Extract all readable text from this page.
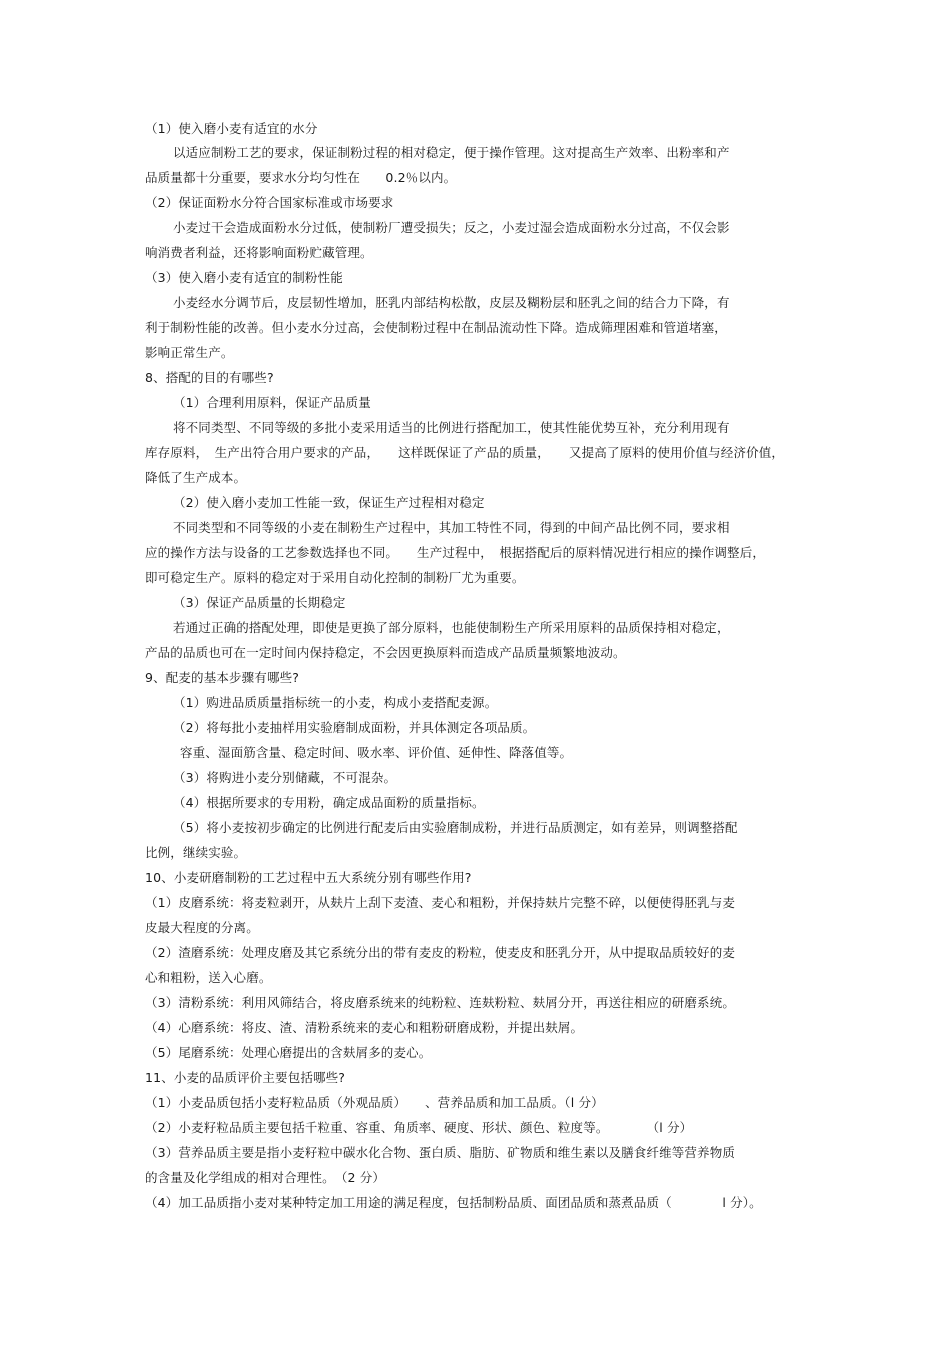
（1）使入磨小麦有适宜的水分
以适应制粉工艺的要求，保证制粉过程的相对稳定，便于操作管理。这对提高生产效率、出粉率和产
品质量都十分重要，要求水分均匀性在　　0.2％以内。
（2）保证面粉水分符合国家标准或市场要求
小麦过干会造成面粉水分过低，使制粉厂遭受损失；反之，小麦过湿会造成面粉水分过高，不仅会影
响消费者利益，还将影响面粉贮藏管理。
（3）使入磨小麦有适宜的制粉性能
小麦经水分调节后，皮层韧性增加，胚乳内部结构松散，皮层及糊粉层和胚乳之间的结合力下降，有
利于制粉性能的改善。但小麦水分过高，会使制粉过程中在制品流动性下降。造成筛理困难和管道堵塞，
影响正常生产。
8、搭配的目的有哪些?
（1）合理利用原料，保证产品质量
将不同类型、不同等级的多批小麦采用适当的比例进行搭配加工，使其性能优势互补，充分利用现有
库存原料，　生产出符合用户要求的产品，　　这样既保证了产品的质量，　　又提高了原料的使用价值与经济价值，
降低了生产成本。
（2）使入磨小麦加工性能一致，保证生产过程相对稳定
不同类型和不同等级的小麦在制粉生产过程中，其加工特性不同，得到的中间产品比例不同，要求相
应的操作方法与设备的工艺参数选择也不同。　　生产过程中，　根据搭配后的原料情况进行相应的操作调整后，
即可稳定生产。原料的稳定对于采用自动化控制的制粉厂尤为重要。
（3）保证产品质量的长期稳定
若通过正确的搭配处理，即使是更换了部分原料，也能使制粉生产所采用原料的品质保持相对稳定，
产品的品质也可在一定时间内保持稳定，不会因更换原料而造成产品质量频繁地波动。
9、配麦的基本步骤有哪些?
（1）购进品质质量指标统一的小麦，构成小麦搭配麦源。
（2）将每批小麦抽样用实验磨制成面粉，并具体测定各项品质。
容重、湿面筋含量、稳定时间、吸水率、评价值、延伸性、降落值等。
（3）将购进小麦分别储藏，不可混杂。
（4）根据所要求的专用粉，确定成品面粉的质量指标。
（5）将小麦按初步确定的比例进行配麦后由实验磨制成粉，并进行品质测定，如有差异，则调整搭配
比例，继续实验。
10、小麦研磨制粉的工艺过程中五大系统分别有哪些作用?
（1）皮磨系统：将麦粒剥开，从麸片上刮下麦渣、麦心和粗粉，并保持麸片完整不碎，以便使得胚乳与麦
皮最大程度的分离。
（2）渣磨系统：处理皮磨及其它系统分出的带有麦皮的粉粒，使麦皮和胚乳分开，从中提取品质较好的麦
心和粗粉，送入心磨。
（3）清粉系统：利用风筛结合，将皮磨系统来的纯粉粒、连麸粉粒、麸屑分开，再送往相应的研磨系统。
（4）心磨系统：将皮、渣、清粉系统来的麦心和粗粉研磨成粉，并提出麸屑。
（5）尾磨系统：处理心磨提出的含麸屑多的麦心。
11、小麦的品质评价主要包括哪些?
（1）小麦品质包括小麦籽粒品质（外观品质）　　、营养品质和加工品质。（l 分）
（2）小麦籽粒品质主要包括千粒重、容重、角质率、硬度、形状、颜色、粒度等。　　　　（l 分）
（3）营养品质主要是指小麦籽粒中碳水化合物、蛋白质、脂肪、矿物质和维生素以及膳食纤维等营养物质
的含量及化学组成的相对合理性。　（2 分）
（4）加工品质指小麦对某种特定加工用途的满足程度，包括制粉品质、面团品质和蒸煮品质（　　　　l 分）。
